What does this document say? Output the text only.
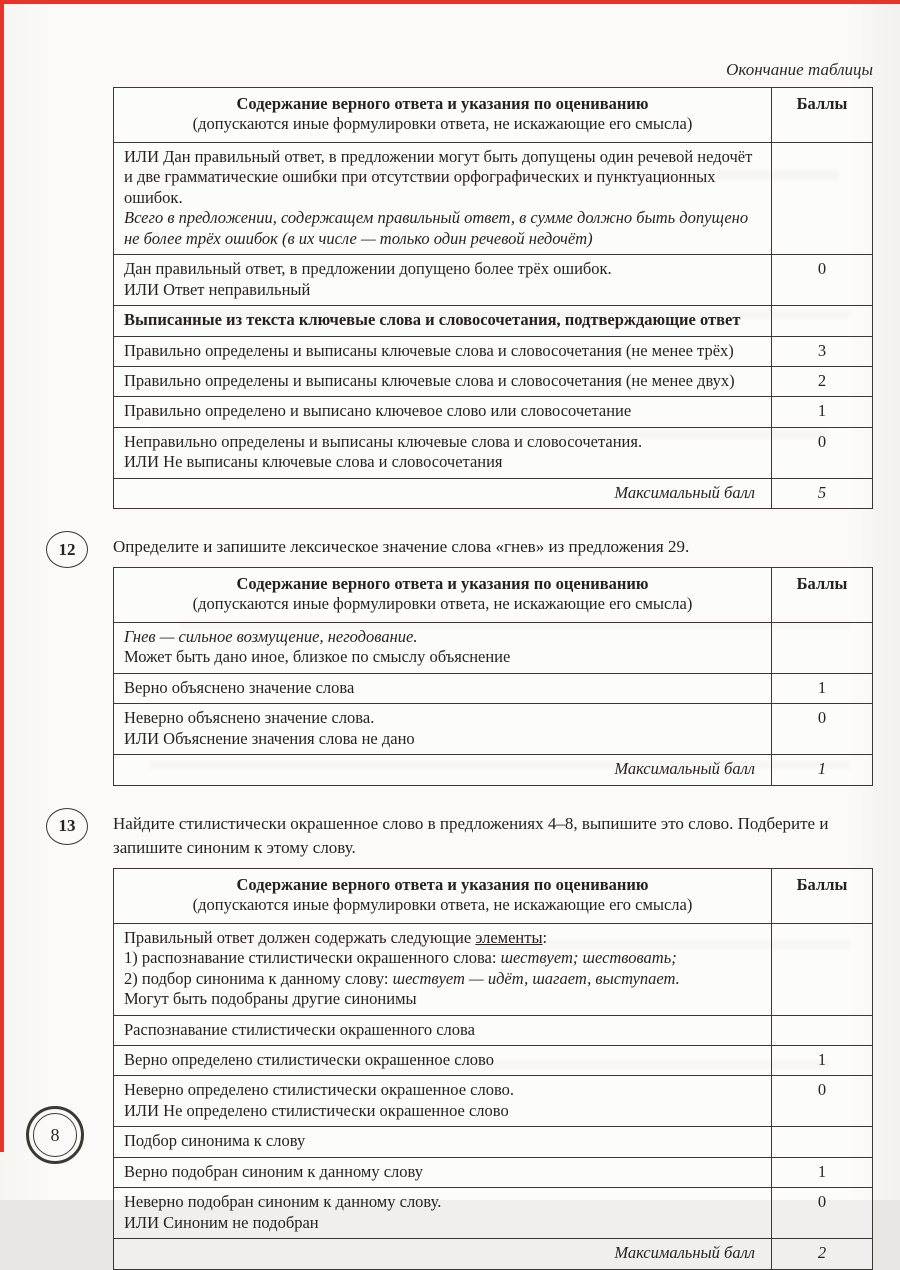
Окончание таблицы
Содержание верного ответа и указания по оцениванию
(допускаются иные формулировки ответа, не искажающие его смысла)	Баллы

ИЛИ Дан правильный ответ, в предложении могут быть допущены один речевой недочёт и две грамматические ошибки при отсутствии орфографических и пунктуационных ошибок.
Всего в предложении, содержащем правильный ответ, в сумме должно быть допущено не более трёх ошибок (в их числе — только один речевой недочёт)	

Дан правильный ответ, в предложении допущено более трёх ошибок.
ИЛИ Ответ неправильный	0

Выписанные из текста ключевые слова и словосочетания, подтверждающие ответ	

Правильно определены и выписаны ключевые слова и словосочетания (не менее трёх)	3

Правильно определены и выписаны ключевые слова и словосочетания (не менее двух)	2

Правильно определено и выписано ключевое слово или словосочетание	1

Неправильно определены и выписаны ключевые слова и словосочетания.
ИЛИ Не выписаны ключевые слова и словосочетания	0
Максимальный балл	5
12 Определите и запишите лексическое значение слова «гнев» из предложения 29.
Содержание верного ответа и указания по оцениванию
(допускаются иные формулировки ответа, не искажающие его смысла)	Баллы

Гнев — сильное возмущение, негодование.
Может быть дано иное, близкое по смыслу объяснение	

Верно объяснено значение слова	1

Неверно объяснено значение слова.
ИЛИ Объяснение значения слова не дано	0
Максимальный балл	1
13 Найдите стилистически окрашенное слово в предложениях 4–8, выпишите это слово. Подберите и запишите синоним к этому слову.
Содержание верного ответа и указания по оцениванию
(допускаются иные формулировки ответа, не искажающие его смысла)	Баллы

Правильный ответ должен содержать следующие элементы:
1) распознавание стилистически окрашенного слова: шествует; шествовать;
2) подбор синонима к данному слову: шествует — идёт, шагает, выступает.
Могут быть подобраны другие синонимы	

Распознавание стилистически окрашенного слова	

Верно определено стилистически окрашенное слово	1

Неверно определено стилистически окрашенное слово.
ИЛИ Не определено стилистически окрашенное слово	0

Подбор синонима к слову	

Верно подобран синоним к данному слову	1

Неверно подобран синоним к данному слову.
ИЛИ Синоним не подобран	0
Максимальный балл	2
8
